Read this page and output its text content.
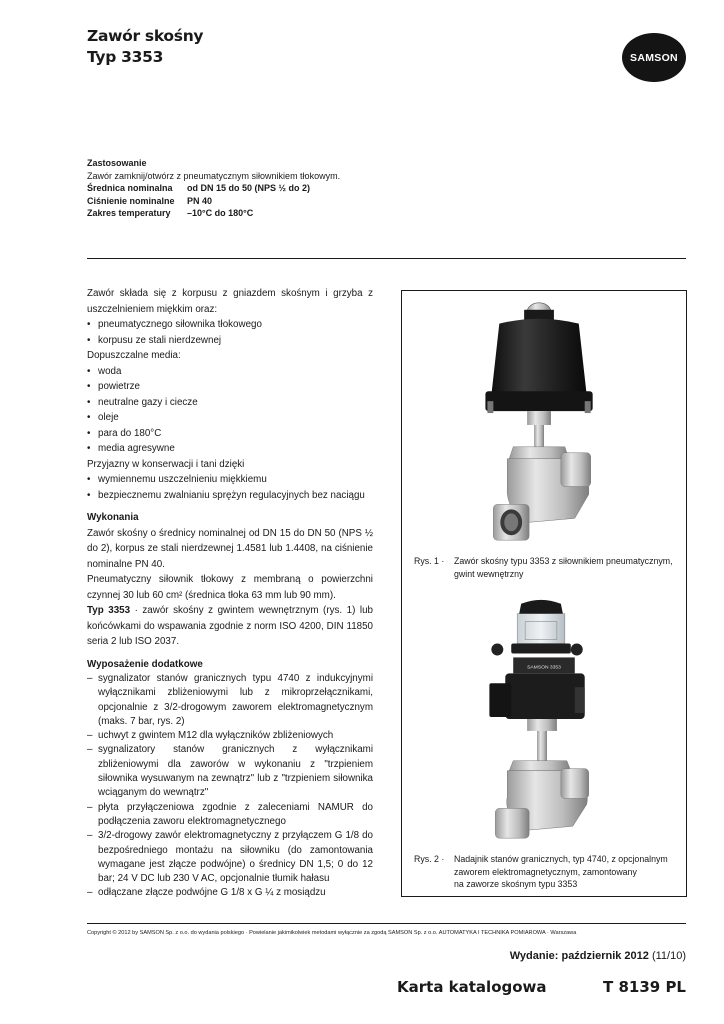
Zawór skośny
Typ 3353	SAMSON
Zastosowanie
Zawór zamknij/otwórz z pneumatycznym siłownikiem tłokowym.
Średnica nominalna	od DN 15 do 50 (NPS ½ do 2)
Ciśnienie nominalne	PN 40
Zakres temperatury	–10°C do 180°C

Zawór składa się z korpusu z gniazdem skośnym i grzyba z uszczelnieniem miękkim oraz:

• pneumatycznego siłownika tłokowego
• korpusu ze stali nierdzewnej

Dopuszczalne media:

• woda
• powietrze
• neutralne gazy i ciecze
• oleje
• para do 180°C
• media agresywne

Przyjazny w konserwacji i tani dzięki

• wymiennemu uszczelnieniu miękkiemu
• bezpiecznemu zwalnianiu sprężyn regulacyjnych bez naciągu
Wykonania

Zawór skośny o średnicy nominalnej od DN 15 do DN 50 (NPS ½ do 2), korpus ze stali nierdzewnej 1.4581 lub 1.4408, na ciśnienie nominalne PN 40.

Pneumatyczny siłownik tłokowy z membraną o powierzchni czynnej 30 lub 60 cm² (średnica tłoka 63 mm lub 90 mm).

Typ 3353 · zawór skośny z gwintem wewnętrznym (rys. 1) lub końcówkami do wspawania zgodnie z norm ISO 4200, DIN 11850 seria 2 lub ISO 2037.

Wyposażenie dodatkowe
– sygnalizator stanów granicznych typu 4740 z indukcyjnymi wyłącznikami zbliżeniowymi lub z mikroprzełącznikami, opcjonalnie z 3/2-drogowym zaworem elektromagnetycznym (maks. 7 bar, rys. 2)
– uchwyt z gwintem M12 dla wyłączników zbliżeniowych
– sygnalizatory stanów granicznych z wyłącznikami zbliżeniowymi dla zaworów w wykonaniu z "trzpieniem siłownika wysuwanym na zewnątrz" lub z "trzpieniem siłownika wciąganym do wewnątrz"
– płyta przyłączeniowa zgodnie z zaleceniami NAMUR do podłączenia zaworu elektromagnetycznego
– 3/2-drogowy zawór elektromagnetyczny z przyłączem G 1/8 do bezpośredniego montażu na siłowniku (do zamontowania wymagane jest złącze podwójne) o średnicy DN 1,5; 0 do 12 bar; 24 V DC lub 230 V AC, opcjonalnie tłumik hałasu
– odłączane złącze podwójne G 1/8 x G ¼ z mosiądzu
Rys. 1 · Zawór skośny typu 3353 z siłownikiem pneumatycznym,
gwint wewnętrzny
SAMSON 3353
Rys. 2 · Nadajnik stanów granicznych, typ 4740, z opcjonalnym
zaworem elektromagnetycznym, zamontowany
na zaworze skośnym typu 3353
Copyright © 2012 by SAMSON Sp. z o.o. do wydania polskiego · Powielanie jakimikolwiek metodami wyłącznie za zgodą SAMSON Sp. z o.o. AUTOMATYKA I TECHNIKA POMIAROWA · Warszawa
Wydanie: październik 2012 (11/10)
Karta katalogowa	T 8139 PL
